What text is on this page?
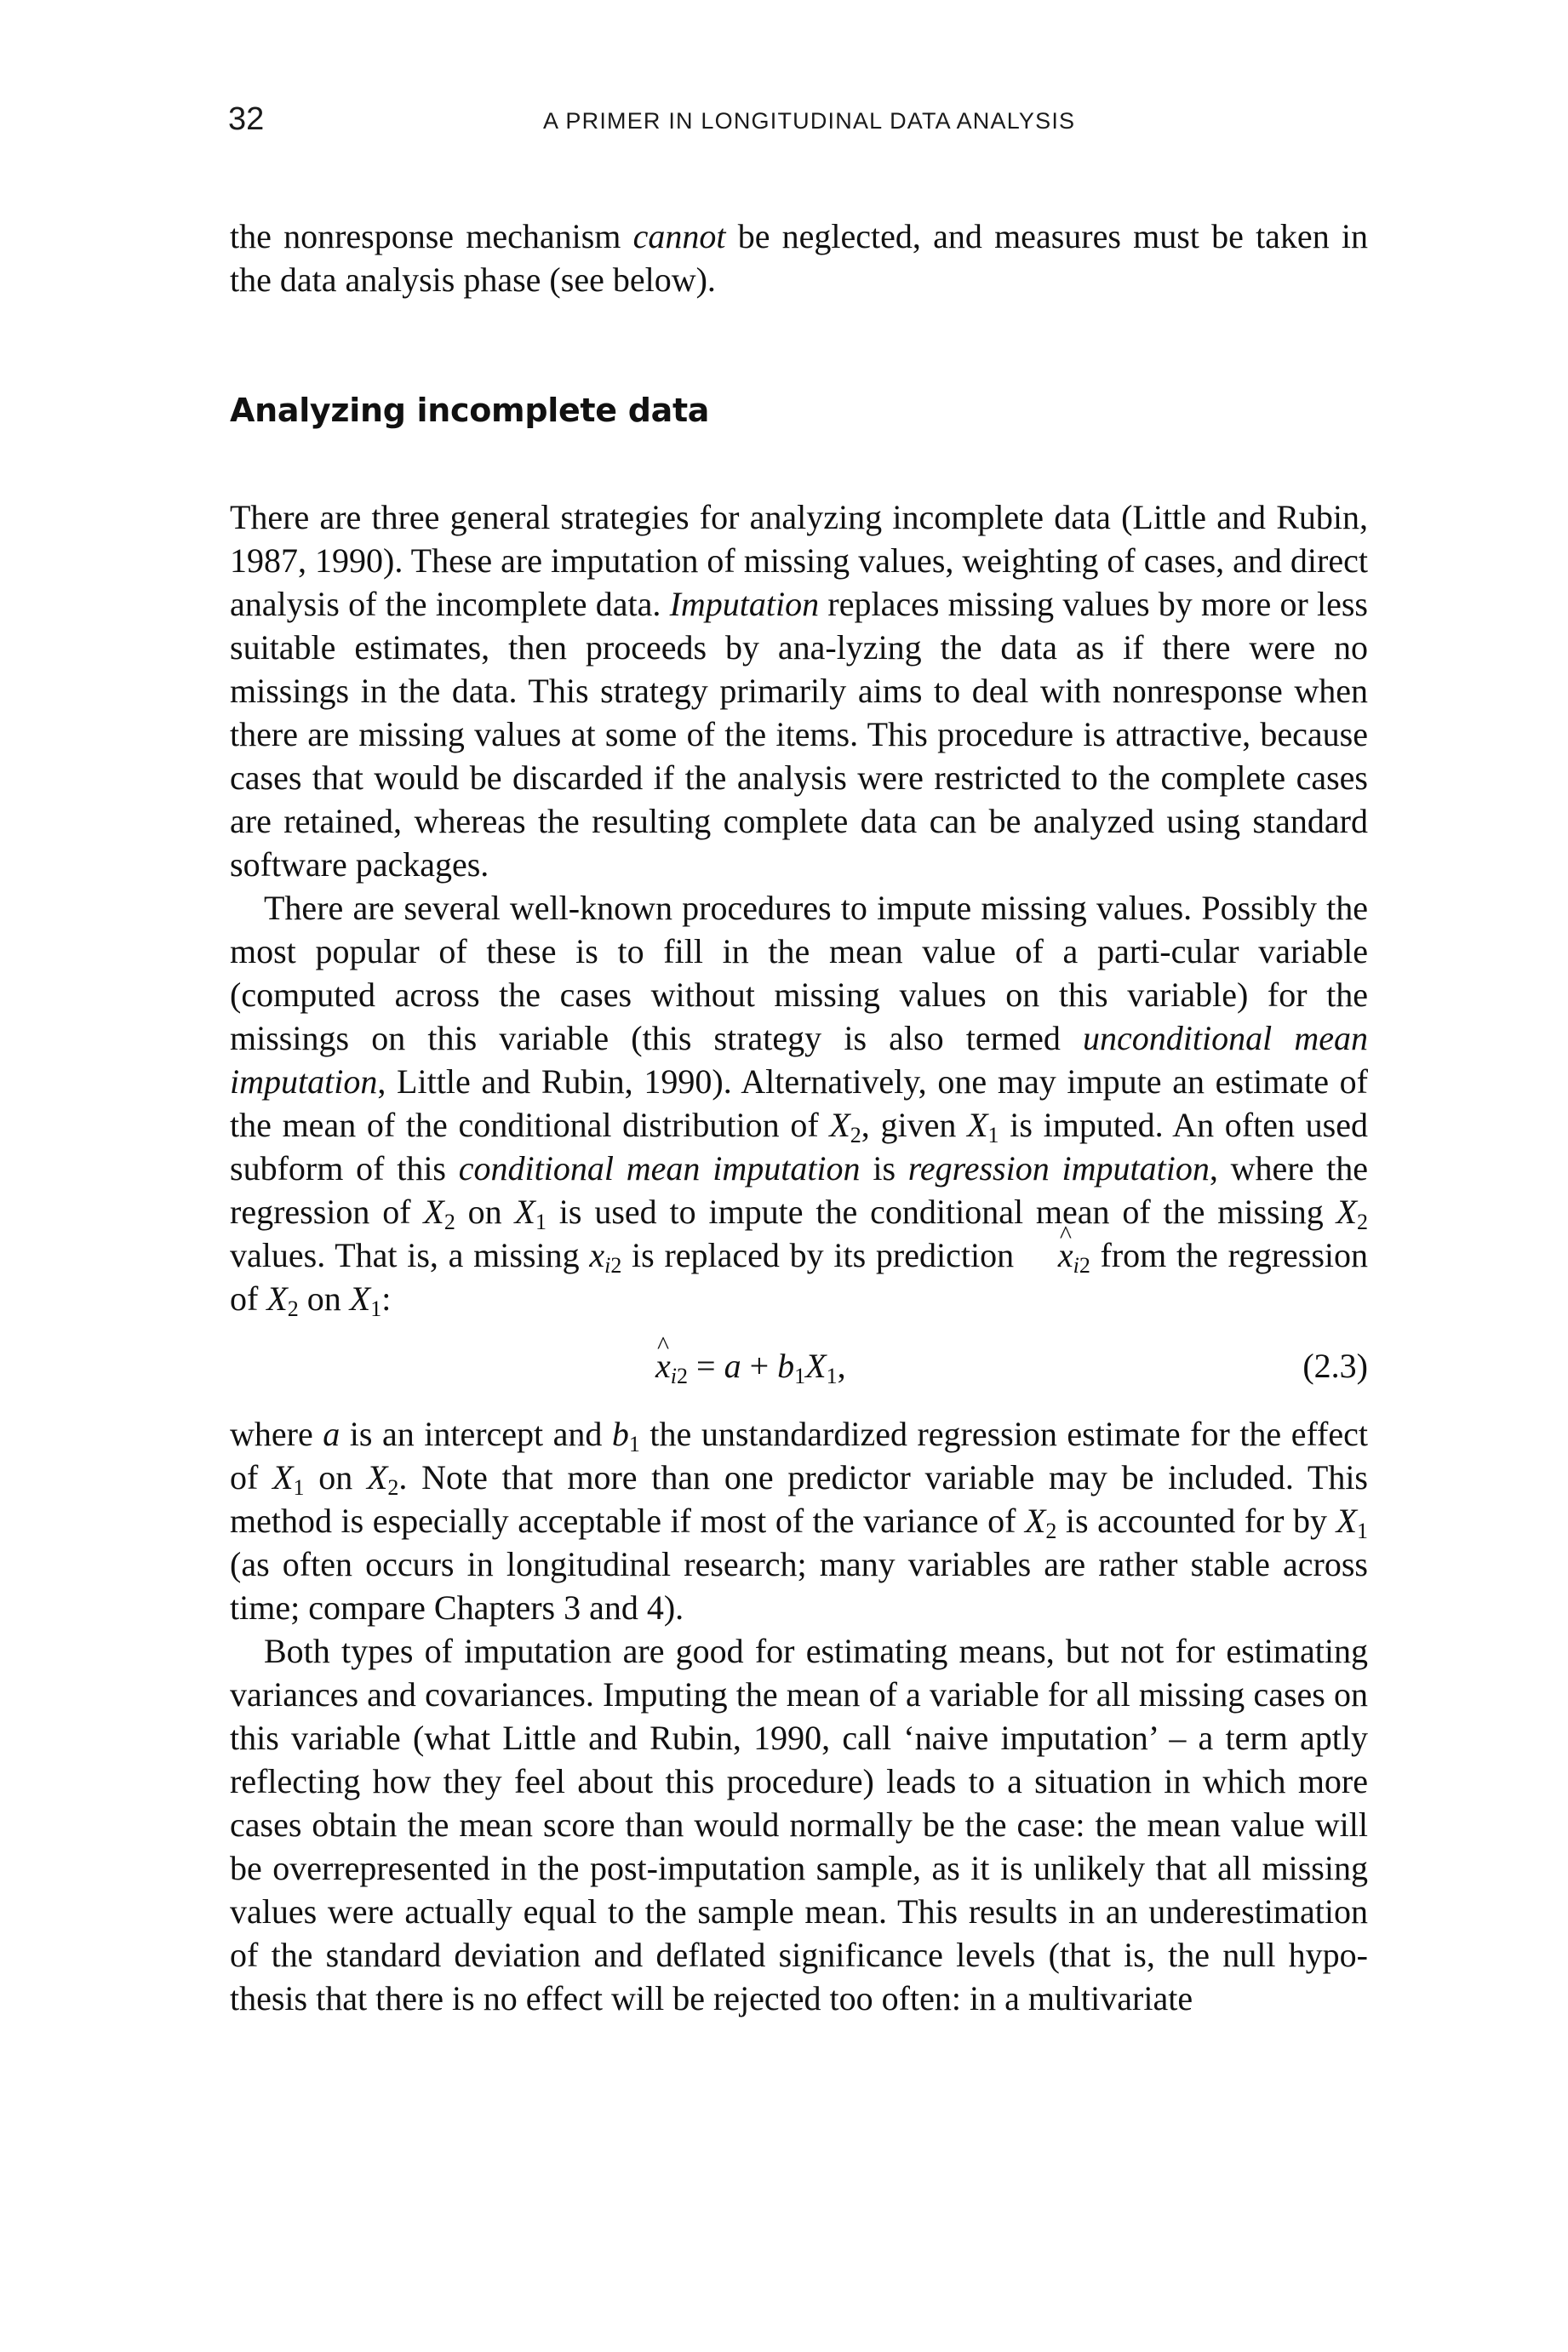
32	A PRIMER IN LONGITUDINAL DATA ANALYSIS

the nonresponse mechanism cannot be neglected, and measures must be taken in the data analysis phase (see below).

Analyzing incomplete data

There are three general strategies for analyzing incomplete data (Little and Rubin, 1987, 1990). These are imputation of missing values, weighting of cases, and direct analysis of the incomplete data. Imputation replaces missing values by more or less suitable estimates, then proceeds by ana-lyzing the data as if there were no missings in the data. This strategy primarily aims to deal with nonresponse when there are missing values at some of the items. This procedure is attractive, because cases that would be discarded if the analysis were restricted to the complete cases are retained, whereas the resulting complete data can be analyzed using standard software packages.

There are several well-known procedures to impute missing values. Possibly the most popular of these is to fill in the mean value of a parti-cular variable (computed across the cases without missing values on this variable) for the missings on this variable (this strategy is also termed unconditional mean imputation, Little and Rubin, 1990). Alternatively, one may impute an estimate of the mean of the conditional distribution of $X_2$, given $X_1$ is imputed. An often used subform of this conditional mean imputation is regression imputation, where the regression of $X_2$ on $X_1$ is used to impute the conditional mean of the missing $X_2$ values. That is, a missing $x_{i2}$ is replaced by its prediction x $\^{}_{i2}$ from the regression of $X_2$ on $X_1$:

x $\^{}_{i2} = a + b_1X_1$,	(2.3)

where a is an intercept and $b_1$ the unstandardized regression estimate for the effect of $X_1$ on $X_2$. Note that more than one predictor variable may be included. This method is especially acceptable if most of the variance of $X_2$ is accounted for by $X_1$ (as often occurs in longitudinal research; many variables are rather stable across time; compare Chapters 3 and 4).

Both types of imputation are good for estimating means, but not for estimating variances and covariances. Imputing the mean of a variable for all missing cases on this variable (what Little and Rubin, 1990, call ‘naive imputation’ – a term aptly reflecting how they feel about this procedure) leads to a situation in which more cases obtain the mean score than would normally be the case: the mean value will be overrepresented in the post-imputation sample, as it is unlikely that all missing values were actually equal to the sample mean. This results in an underestimation of the standard deviation and deflated significance levels (that is, the null hypo-thesis that there is no effect will be rejected too often: in a multivariate
